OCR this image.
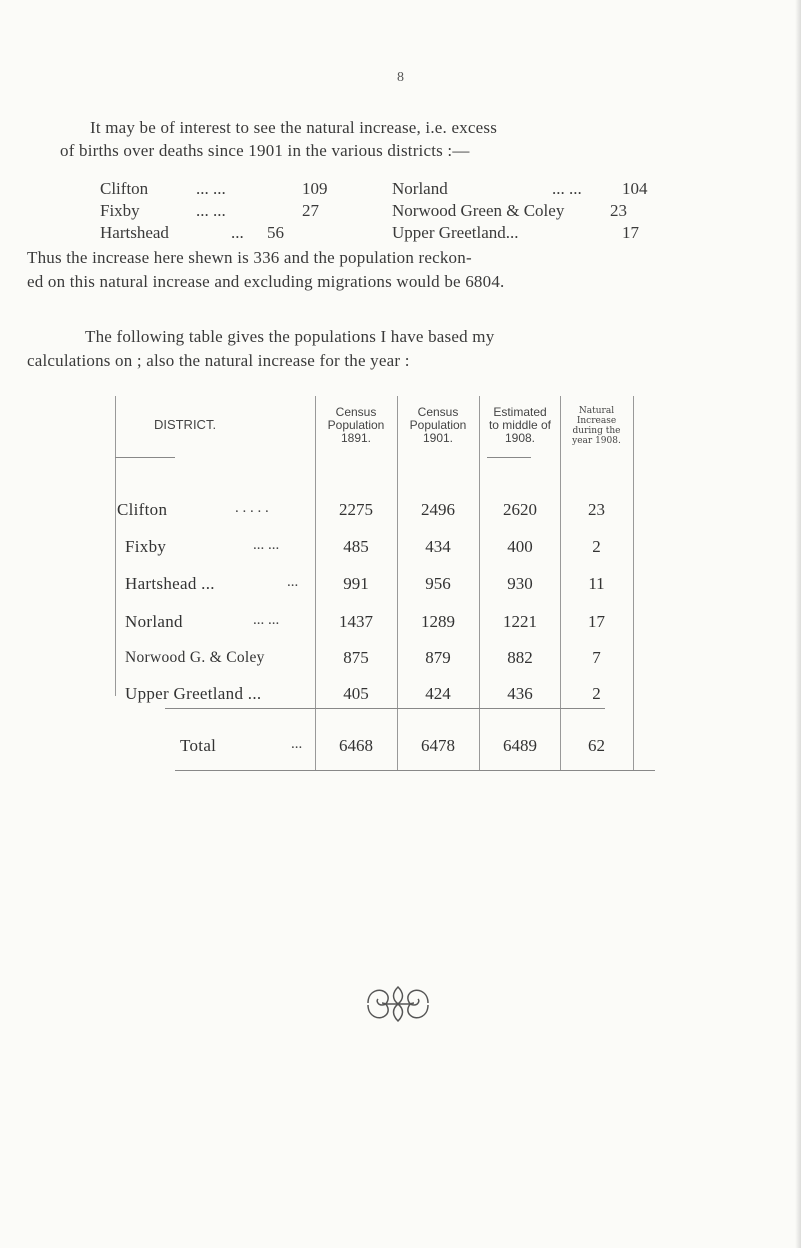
8
It may be of interest to see the natural increase, i.e. excess
of births over deaths since 1901 in the various districts :—
Clifton	... ...	109	Norland	... ...	104
Fixby	... ...	27	Norwood Green & Coley	23
Hartshead	...	56	Upper Greetland...	17
Thus the increase here shewn is 336 and the population reckon-
ed on this natural increase and excluding migrations would be 6804.
The following table gives the populations I have based my
calculations on ; also the natural increase for the year :
DISTRICT.
Census
Population
1891.
Census
Population
1901.
Estimated
to middle of
1908.
Natural
Increase
during the
year 1908.
Clifton	. . . . .	2275	2496	2620	23
Fixby	... ...	485	434	400	2
Hartshead ...	...	991	956	930	11
Norland	... ...	1437	1289	1221	17
Norwood G. & Coley	875	879	882	7
Upper Greetland ...	405	424	436	2
Total	...	6468	6478	6489	62
